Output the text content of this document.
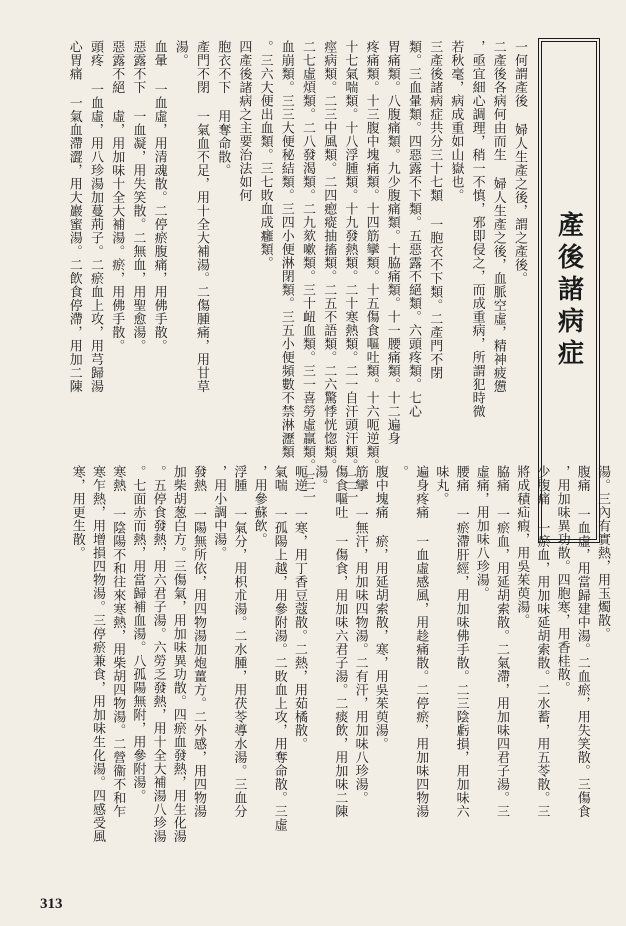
產後諸病症
一何謂產後 婦人生產之後，謂之產後。
二產後各病何由而生 婦人生產之後，血脈空虛，精神疲憊
，亟宜細心調理，稍一不慎，邪即侵之，而成重病，所謂犯時微
若秋毫，病成重如山嶽也。
三產後諸病症共分三十七類 一胞衣不下類。二產門不閉
類。三血暈類。四惡露不下類。五惡露不絕類。六頭疼類。七心
胃痛類。八腹痛類。九少腹痛類。十脇痛類。十一腰痛類。十二遍身
疼痛類。十三腹中塊痛類。十四筋攣類。十五傷食嘔吐類。十六呃逆類。
十七氣喘類。十八浮腫類。十九發熱類。二十寒熱類。二一自汗頭汗類。二二
痙病類。二三中風類。二四瘛瘲抽搐類。二五不語類。二六驚悸恍惚類。
二七虛煩類。二八發渴類。二九欬嗽類。三十衄血類。三一喜勞虛羸類。三二
血崩類。三三大便秘結類。三四小便淋閉類。三五小便頻數不禁淋瀝類
。三六大便出血類。三七敗血成癰類。
四產後諸病之主要治法如何
胞衣不下 用奪命散。
產門不閉 一氣血不足，用十全大補湯。二傷腫痛，用甘草
湯。
血暈 一血虛，用清魂散。二停瘀腹痛，用佛手散。
惡露不下 一血凝，用失笑散。二無血，用聖愈湯。
惡露不絕 虛，用加味十全大補湯。瘀，用佛手散。
頭疼 一血虛，用八珍湯加蔓荊子。二瘀血上攻，用芎歸湯
心胃痛 一氣血滯澀，用大巖蜜湯。二飲食停滯，用加二陳
湯。三內有實熱，用玉燭散。
腹痛 一血虛，用當歸建中湯。二血瘀，用失笑散。三傷食
，用加味異功散。四胞寒，用香桂散。
少腹痛 一瘀血，用加味延胡索散。二水蓄，用五苓散。三
將成積疝瘕，用吳茱萸湯。
脇痛 一瘀血，用延胡索散。二氣滯，用加味四君子湯。三
虛痛，用加味八珍湯。
腰痛 一瘀滯肝經，用加味佛手散。二三陰虧損，用加味六
味丸。
遍身疼痛 一血虛感風，用趁痛散。二停瘀，用加味四物湯
。
腹中塊痛 瘀，用延胡索散，寒，用吳茱萸湯。
筋攣 一無汗，用加味四物湯。二有汗，用加味八珍湯。
傷食嘔吐 一傷食，用加味六君子湯。二痰飲，用加味二陳
湯。
呃逆 一寒，用丁香豆蔻散。二熱，用茹橘散。
氣喘 一孤陽上越，用參附湯。二敗血上攻，用奪命散。三虛
，用參蘇飲。
浮腫 一氣分，用枳朮湯。二水腫，用茯苓導水湯。三血分
，用小調中湯。
發熱 一陽無所依，用四物湯加炮薑方。二外感，用四物湯
加柴胡葱白方。三傷氣，用加味異功散。四瘀血發熱，用生化湯
。五停食發熱，用六君子湯。六勞乏發熱，用十全大補湯八珍湯
。七面赤而熱，用當歸補血湯。八孤陽無附，用參附湯。
寒熱 一陰陽不和往來寒熱，用柴胡四物湯。二營衞不和乍
寒乍熱，用增損四物湯。三停瘀兼食，用加味生化湯。四感受風
寒，用更生散。
313
